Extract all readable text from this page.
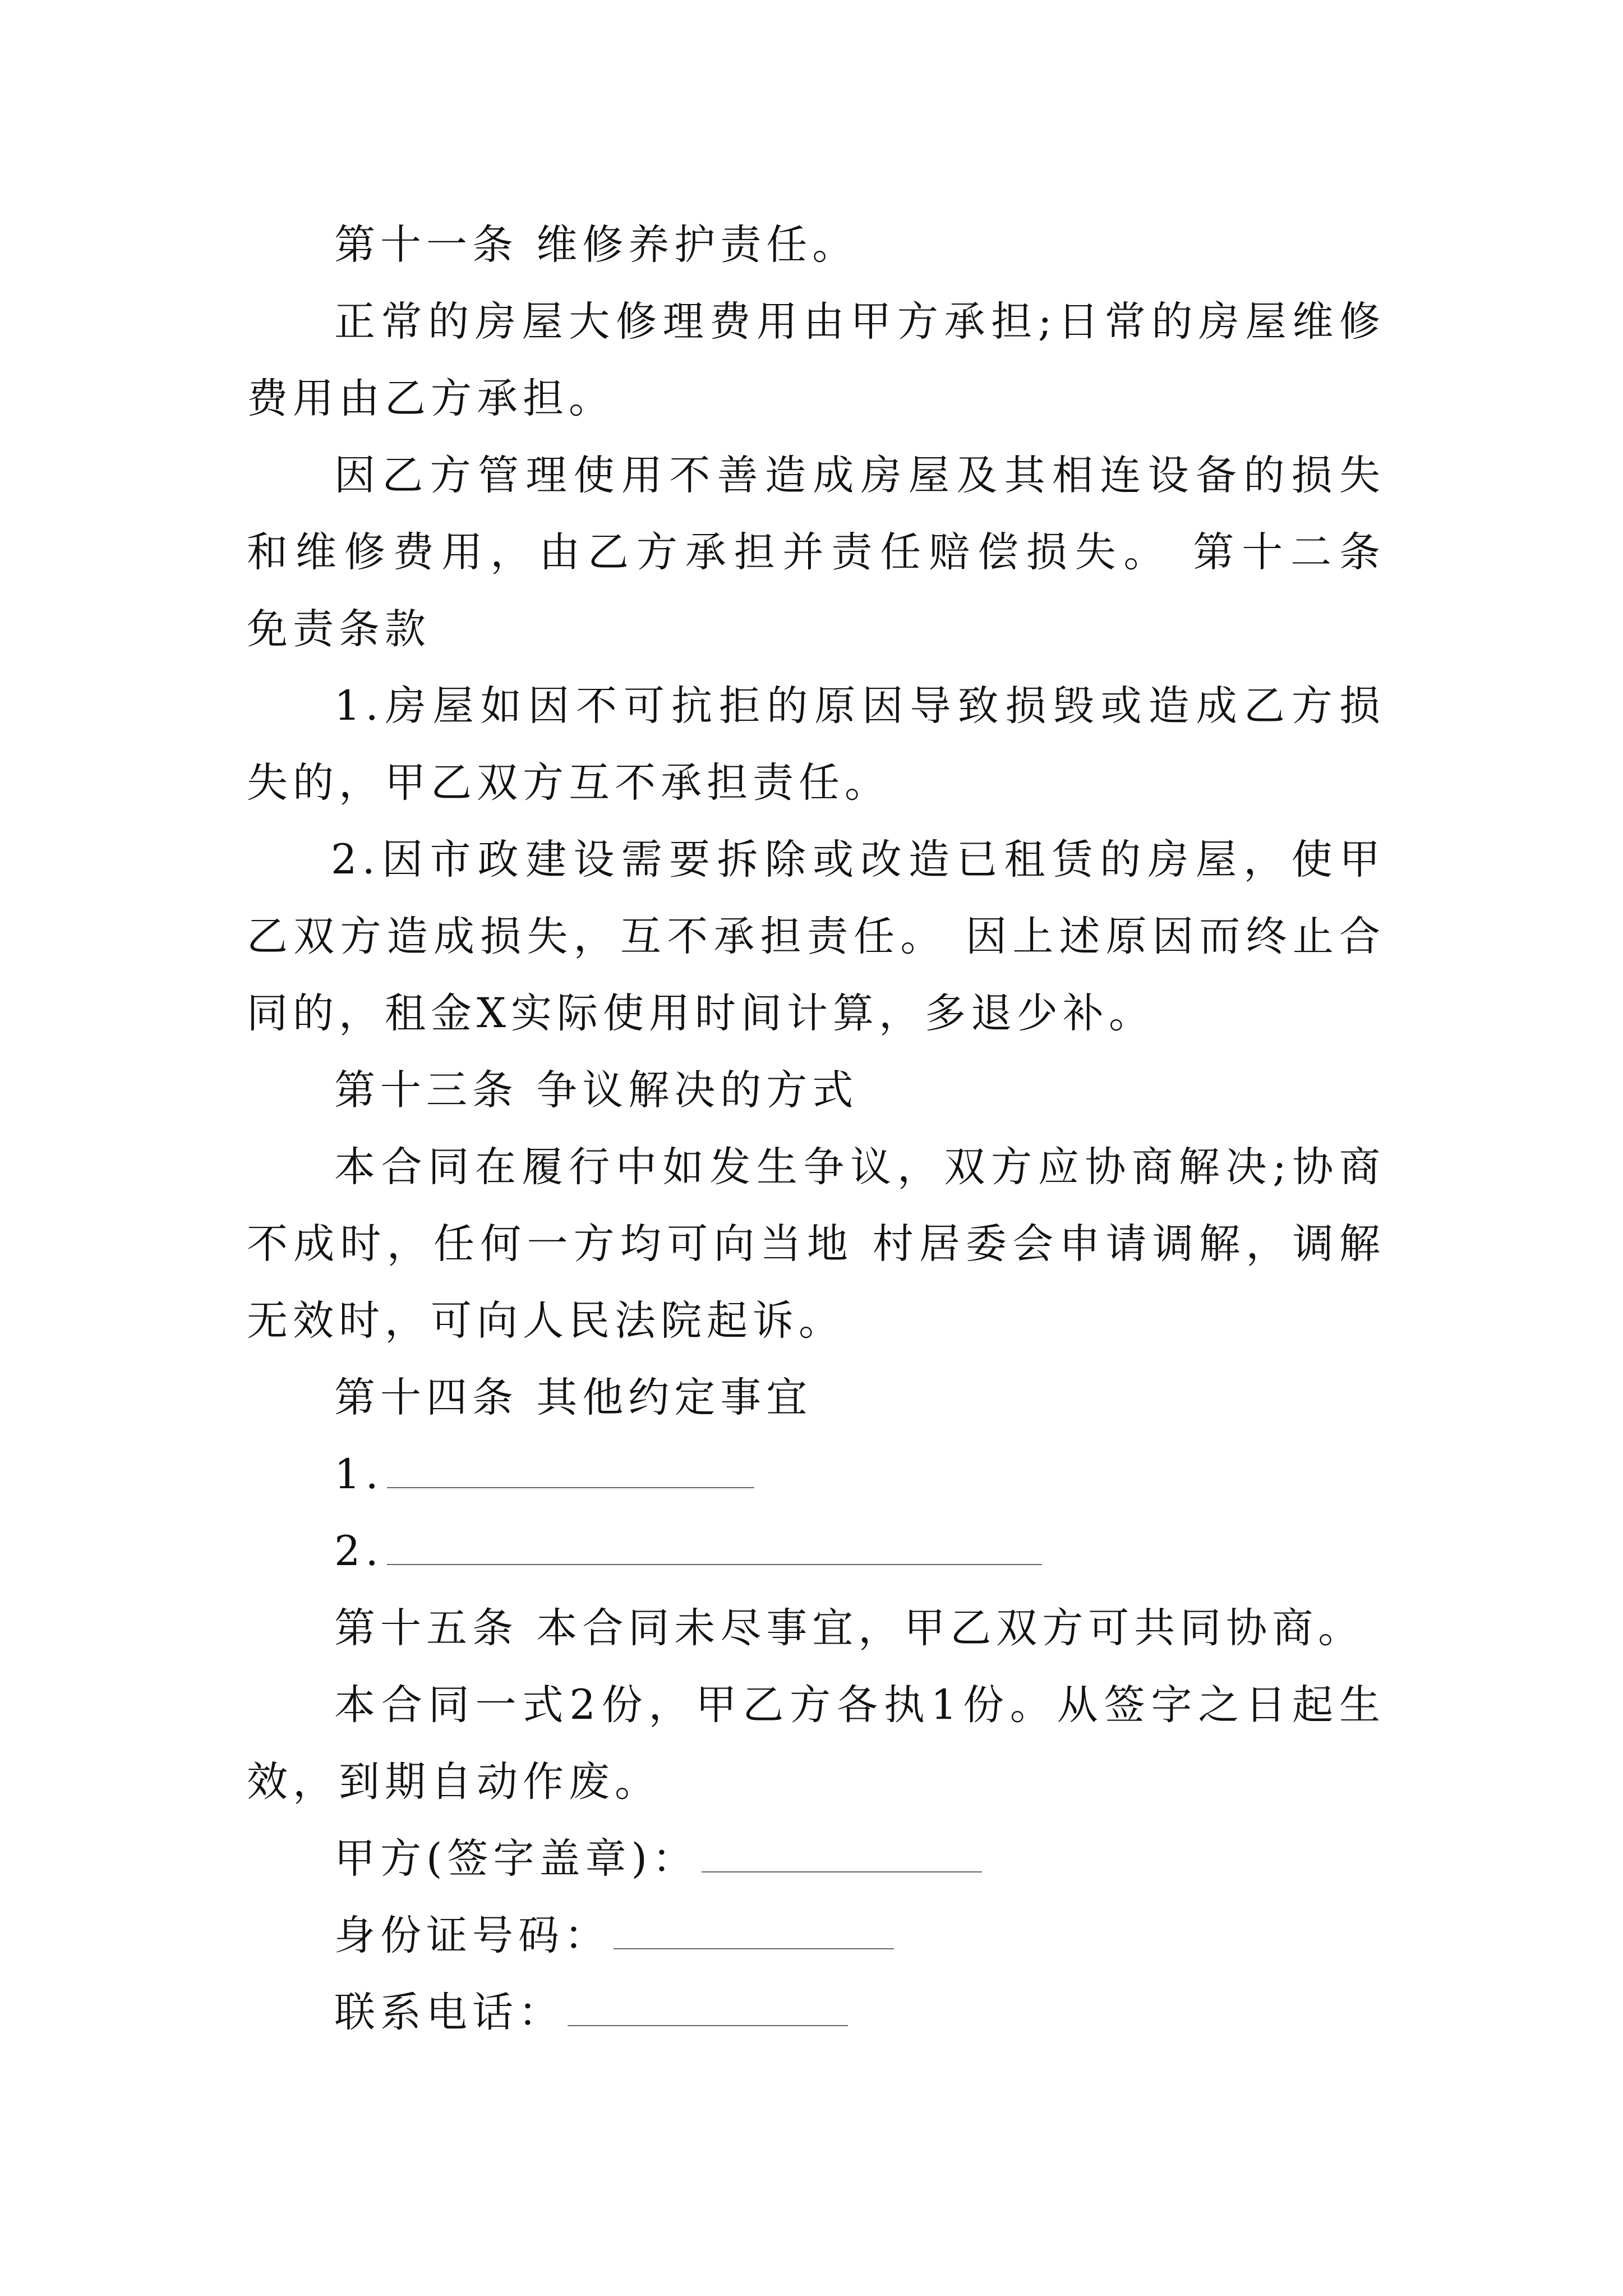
第十一条 维修养护责任。

正常的房屋大修理费用由甲方承担;日常的房屋维修费用由乙方承担。

因乙方管理使用不善造成房屋及其相连设备的损失和维修费用，由乙方承担并责任赔偿损失。 第十二条 免责条款

1.房屋如因不可抗拒的原因导致损毁或造成乙方损失的，甲乙双方互不承担责任。

2.因市政建设需要拆除或改造已租赁的房屋，使甲乙双方造成损失，互不承担责任。 因上述原因而终止合同的，租金X实际使用时间计算，多退少补。

第十三条 争议解决的方式

本合同在履行中如发生争议，双方应协商解决;协商不成时，任何一方均可向当地 村居委会申请调解，调解无效时，可向人民法院起诉。

第十四条 其他约定事宜

1.

2.

第十五条 本合同未尽事宜，甲乙双方可共同协商。

本合同一式2份，甲乙方各执1份。从签字之日起生效，到期自动作废。

甲方(签字盖章)：

身份证号码：

联系电话：
